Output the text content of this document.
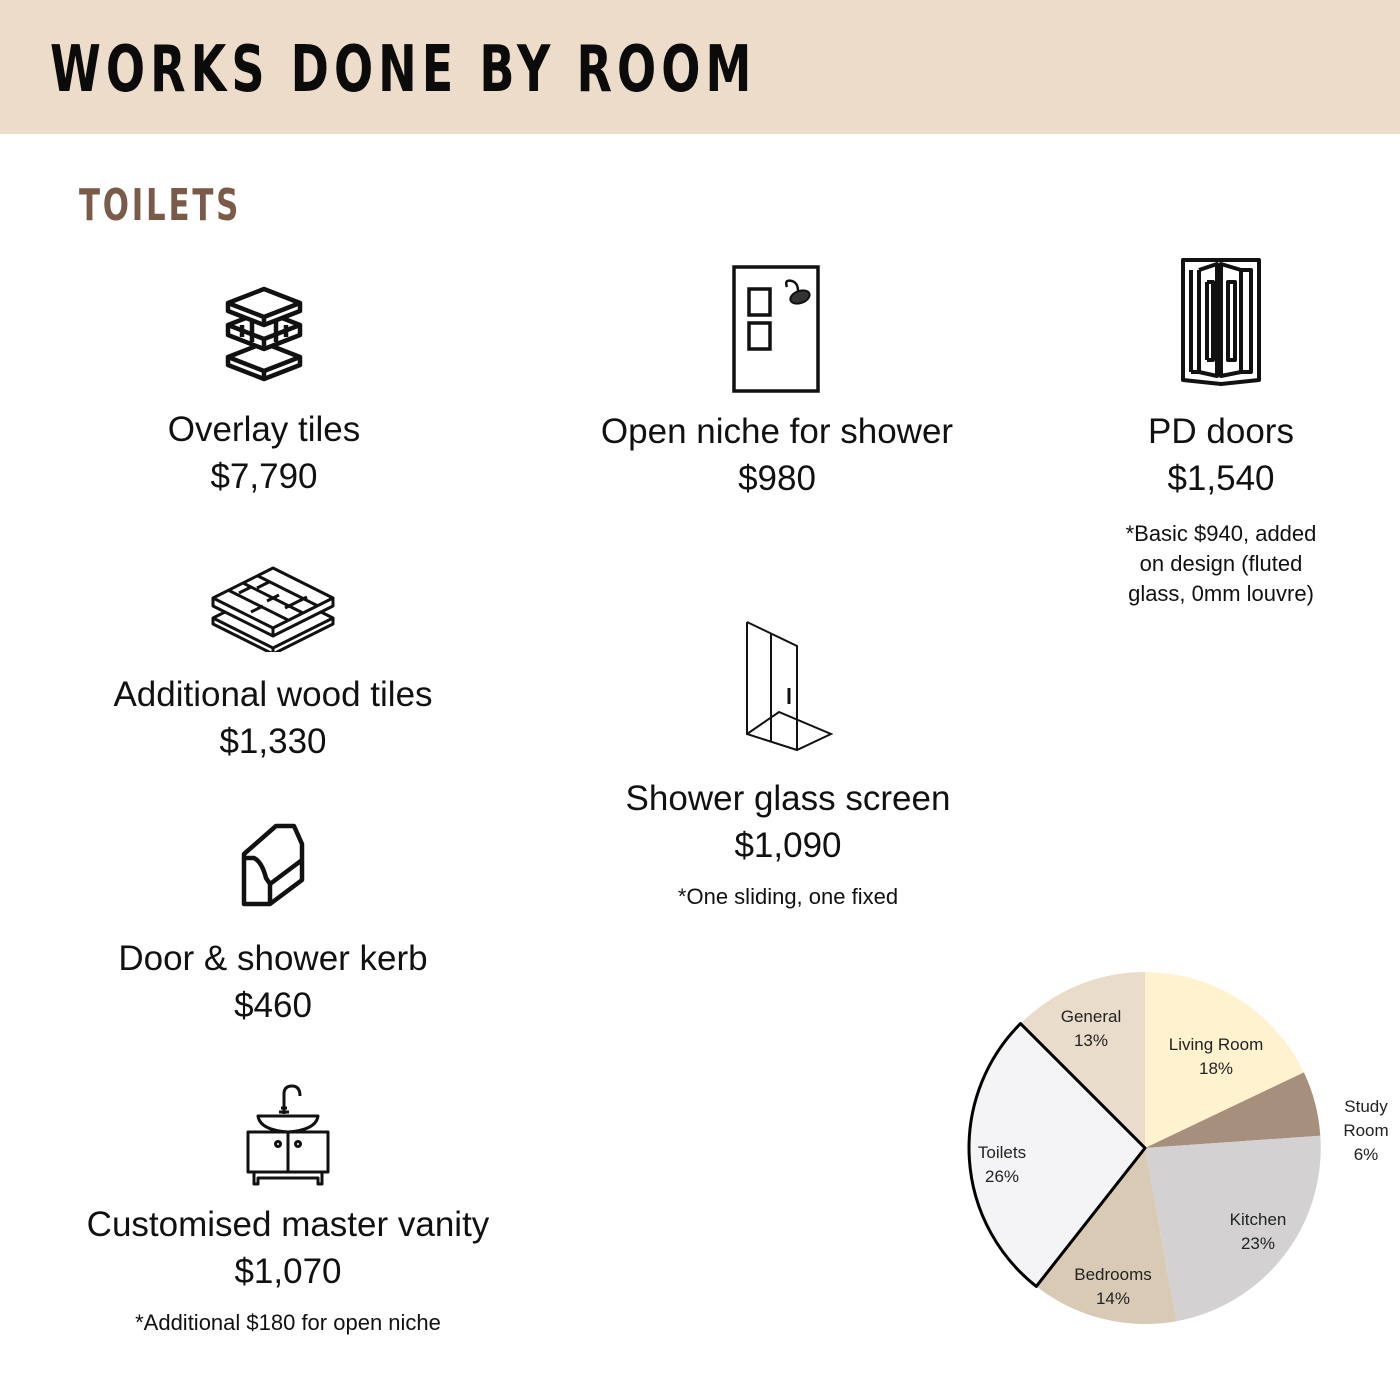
WORKS DONE BY ROOM
TOILETS
Overlay tiles
$7,790
Open niche for shower
$980
PD doors
$1,540
*Basic $940, added on design (fluted glass, 0mm louvre)
Additional wood tiles
$1,330
Shower glass screen
$1,090
*One sliding, one fixed
Door & shower kerb
$460
Customised master vanity
$1,070
*Additional $180 for open niche
Living Room
18%
Study
Room
6%
Kitchen
23%
Bedrooms
14%
Toilets
26%
General
13%
